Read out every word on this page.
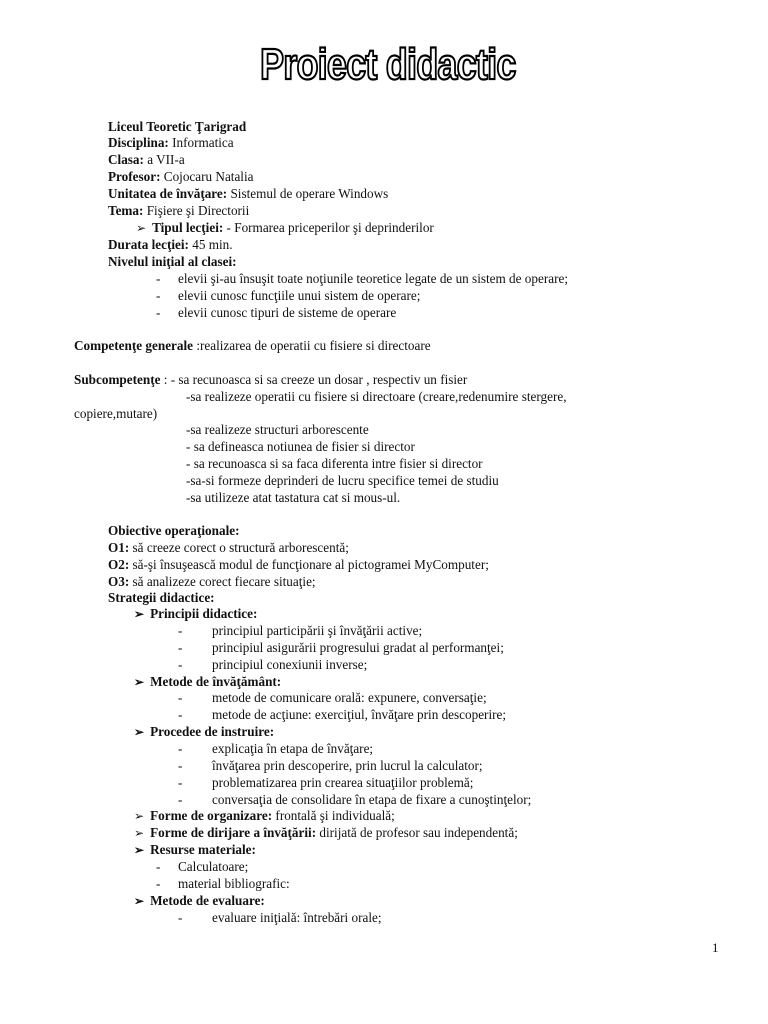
Proiect didactic
Liceul Teoretic Ţarigrad
Disciplina: Informatica
Clasa: a VII-a
Profesor: Cojocaru Natalia
Unitatea de învăţare: Sistemul de operare Windows
Tema: Fişiere şi Directorii
➢ Tipul lecţiei: - Formarea priceperilor şi deprinderilor
Durata lecţiei: 45 min.
Nivelul iniţial al clasei:
- elevii şi-au însuşit toate noţiunile teoretice legate de un sistem de operare;
- elevii cunosc funcţiile unui sistem de operare;
- elevii cunosc tipuri de sisteme de operare
Competenţe generale :realizarea de operatii cu fisiere si directoare
Subcompetenţe : - sa recunoasca si sa creeze un dosar , respectiv un fisier
-sa realizeze operatii cu fisiere si directoare (creare,redenumire stergere,
copiere,mutare)
-sa realizeze structuri arborescente
- sa defineasca notiunea de fisier si director
- sa recunoasca si sa faca diferenta intre fisier si director
-sa-si formeze deprinderi de lucru specifice temei de studiu
-sa utilizeze atat tastatura cat si mous-ul.
Obiective operaţionale:
O1: să creeze corect o structură arborescentă;
O2: să-şi însuşească modul de funcţionare al pictogramei MyComputer;
O3: să analizeze corect fiecare situaţie;
Strategii didactice:
➢ Principii didactice:
- principiul participării şi învăţării active;
- principiul asigurării progresului gradat al performanţei;
- principiul conexiunii inverse;
➢ Metode de învăţământ:
- metode de comunicare orală: expunere, conversaţie;
- metode de acţiune: exerciţiul, învăţare prin descoperire;
➢ Procedee de instruire:
- explicaţia în etapa de învăţare;
- învăţarea prin descoperire, prin lucrul la calculator;
- problematizarea prin crearea situaţiilor problemă;
- conversaţia de consolidare în etapa de fixare a cunoştinţelor;
➢ Forme de organizare: frontală şi individuală;
➢ Forme de dirijare a învăţării: dirijată de profesor sau independentă;
➢ Resurse materiale:
- Calculatoare;
- material bibliografic:
➢ Metode de evaluare:
- evaluare iniţială: întrebări orale;
1
